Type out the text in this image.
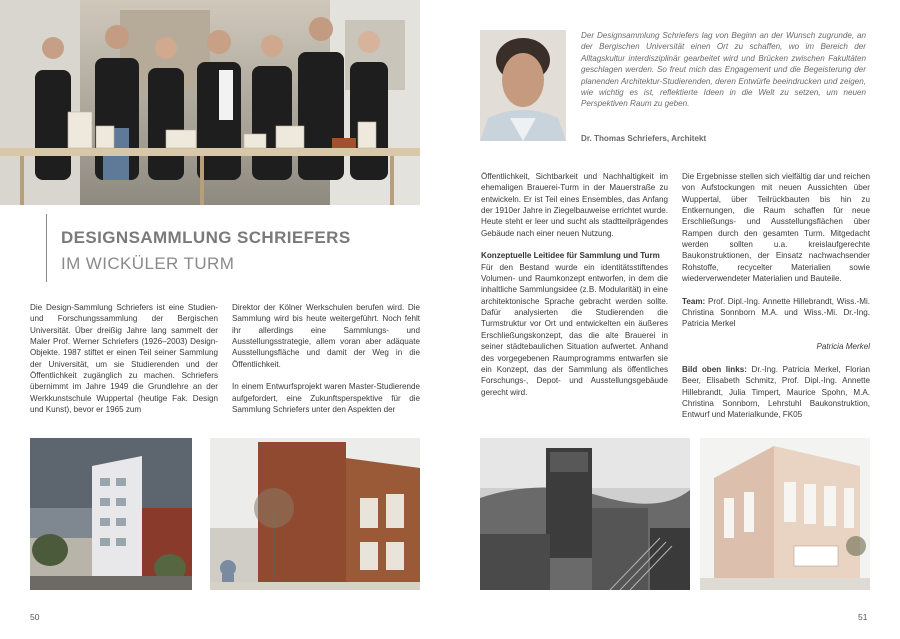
DESIGNSAMMLUNG SCHRIEFERS
IM WICKÜLER TURM

Die Design-Sammlung Schriefers ist eine Studien- und Forschungssammlung der Bergischen Universität. Über dreißig Jahre lang sammelt der Maler Prof. Werner Schriefers (1926–2003) Design-Objekte. 1987 stiftet er einen Teil seiner Sammlung der Universität, um sie Studierenden und der Öffentlichkeit zugänglich zu machen. Schriefers übernimmt im Jahre 1949 die Grundlehre an der Werkkunstschule Wuppertal (heutige Fak. Design und Kunst), bevor er 1965 zum

Direktor der Kölner Werkschulen berufen wird. Die Sammlung wird bis heute weitergeführt. Noch fehlt ihr allerdings eine Sammlungs- und Ausstellungsstrategie, allem voran aber adäquate Ausstellungsfläche und damit der Weg in die Öffentlichkeit.

In einem Entwurfsprojekt waren Master-Studierende aufgefordert, eine Zukunftsperspektive für die Sammlung Schriefers unter den Aspekten der

50

Der Designsammlung Schriefers lag von Beginn an der Wunsch zugrunde, an der Bergischen Universität einen Ort zu schaffen, wo im Bereich der Alltagskultur interdisziplinär gearbeitet wird und Brücken zwischen Fakultäten geschlagen werden. So freut mich das Engagement und die Begeisterung der planenden Architektur-Studierenden, deren Entwürfe beeindrucken und zeigen, wie wichtig es ist, reflektierte Ideen in die Welt zu setzen, um neuen Perspektiven Raum zu geben.

Dr. Thomas Schriefers, Architekt

Öffentlichkeit, Sichtbarkeit und Nachhaltigkeit im ehemaligen Brauerei-Turm in der Mauerstraße zu entwickeln. Er ist Teil eines Ensembles, das Anfang der 1910er Jahre in Ziegelbauweise errichtet wurde. Heute steht er leer und sucht als stadtteilprägendes Gebäude nach einer neuen Nutzung.

Konzeptuelle Leitidee für Sammlung und Turm

Für den Bestand wurde ein identitätsstiftendes Volumen- und Raumkonzept entworfen, in dem die inhaltliche Sammlungsidee (z.B. Modularität) in eine architektonische Sprache gebracht werden sollte. Dafür analysierten die Studierenden die Turmstruktur vor Ort und entwickelten ein äußeres Erschließungskonzept, das die alte Brauerei in seiner städtebaulichen Situation aufwertet. Anhand des vorgegebenen Raumprogramms entwarfen sie ein Konzept, das der Sammlung als öffentliches Forschungs-, Depot- und Ausstellungsgebäude gerecht wird.

Die Ergebnisse stellen sich vielfältig dar und reichen von Aufstockungen mit neuen Aussichten über Wuppertal, über Teilrückbauten bis hin zu Entkernungen, die Raum schaffen für neue Erschließungs- und Ausstellungsflächen über Rampen durch den gesamten Turm. Mitgedacht werden sollten u.a. kreislaufgerechte Baukonstruktionen, der Einsatz nachwachsender Rohstoffe, recycelter Materialien sowie wiederverwendeter Materialien und Bauteile.

Team: Prof. Dipl.-Ing. Annette Hillebrandt, Wiss.-Mi. Christina Sonnborn M.A. und Wiss.-Mi. Dr.-Ing. Patricia Merkel

Patricia Merkel

Bild oben links: Dr.-Ing. Patricia Merkel, Florian Beer, Elisabeth Schmitz, Prof. Dipl.-Ing. Annette Hillebrandt, Julia Timpert, Maurice Spohn, M.A. Christina Sonnborn, Lehrstuhl Baukonstruktion, Entwurf und Materialkunde, FK05

51
